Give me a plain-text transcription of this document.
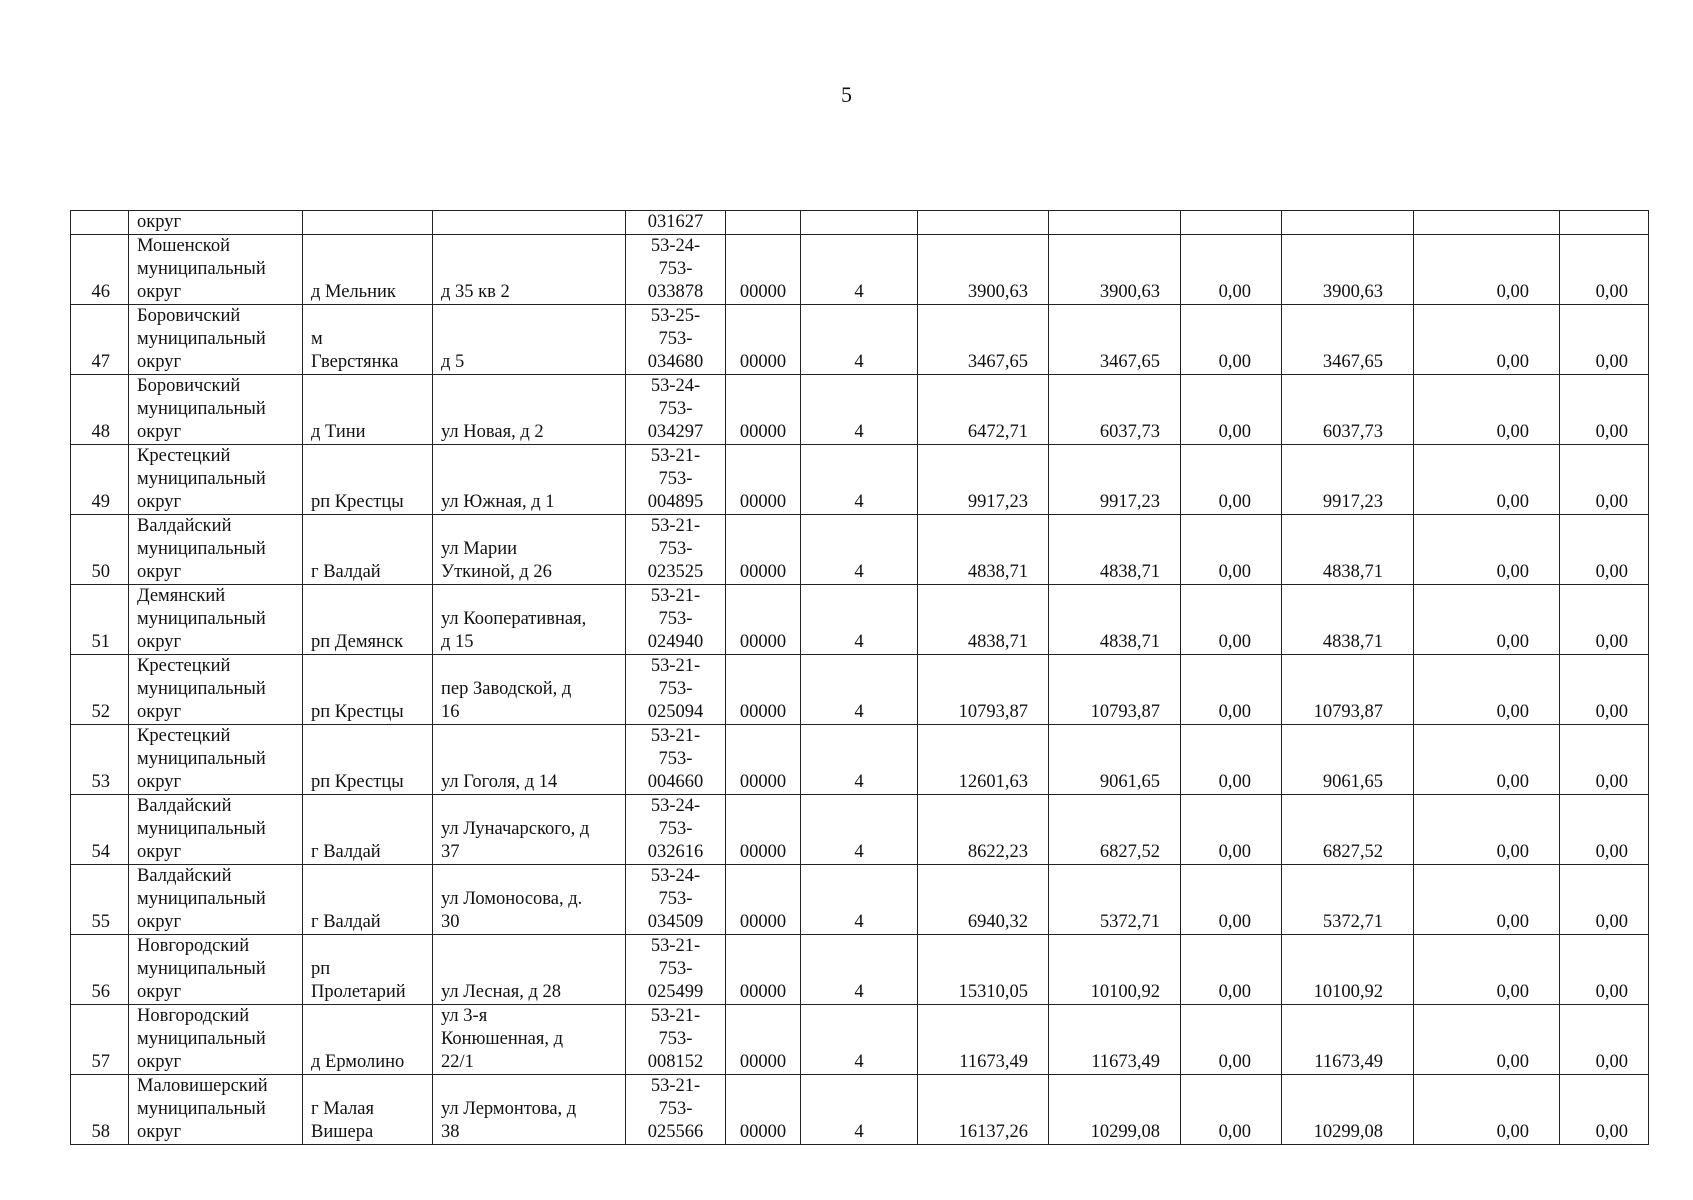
5
	округ			031627								
46	Мошенской
муниципальный
округ	д Мельник	д 35 кв 2	53-24-
753-
033878	00000	4	3900,63	3900,63	0,00	3900,63	0,00	0,00
47	Боровичский
муниципальный
округ	м
Гверстянка	д 5	53-25-
753-
034680	00000	4	3467,65	3467,65	0,00	3467,65	0,00	0,00
48	Боровичский
муниципальный
округ	д Тини	ул Новая, д 2	53-24-
753-
034297	00000	4	6472,71	6037,73	0,00	6037,73	0,00	0,00
49	Крестецкий
муниципальный
округ	рп Крестцы	ул Южная, д 1	53-21-
753-
004895	00000	4	9917,23	9917,23	0,00	9917,23	0,00	0,00
50	Валдайский
муниципальный
округ	г Валдай	ул Марии
Уткиной, д 26	53-21-
753-
023525	00000	4	4838,71	4838,71	0,00	4838,71	0,00	0,00
51	Демянский
муниципальный
округ	рп Демянск	ул Кооперативная,
д 15	53-21-
753-
024940	00000	4	4838,71	4838,71	0,00	4838,71	0,00	0,00
52	Крестецкий
муниципальный
округ	рп Крестцы	пер Заводской, д
16	53-21-
753-
025094	00000	4	10793,87	10793,87	0,00	10793,87	0,00	0,00
53	Крестецкий
муниципальный
округ	рп Крестцы	ул Гоголя, д 14	53-21-
753-
004660	00000	4	12601,63	9061,65	0,00	9061,65	0,00	0,00
54	Валдайский
муниципальный
округ	г Валдай	ул Луначарского, д
37	53-24-
753-
032616	00000	4	8622,23	6827,52	0,00	6827,52	0,00	0,00
55	Валдайский
муниципальный
округ	г Валдай	ул Ломоносова, д.
30	53-24-
753-
034509	00000	4	6940,32	5372,71	0,00	5372,71	0,00	0,00
56	Новгородский
муниципальный
округ	рп
Пролетарий	ул Лесная, д 28	53-21-
753-
025499	00000	4	15310,05	10100,92	0,00	10100,92	0,00	0,00
57	Новгородский
муниципальный
округ	д Ермолино	ул 3-я
Конюшенная, д
22/1	53-21-
753-
008152	00000	4	11673,49	11673,49	0,00	11673,49	0,00	0,00
58	Маловишерский
муниципальный
округ	г Малая
Вишера	ул Лермонтова, д
38	53-21-
753-
025566	00000	4	16137,26	10299,08	0,00	10299,08	0,00	0,00
